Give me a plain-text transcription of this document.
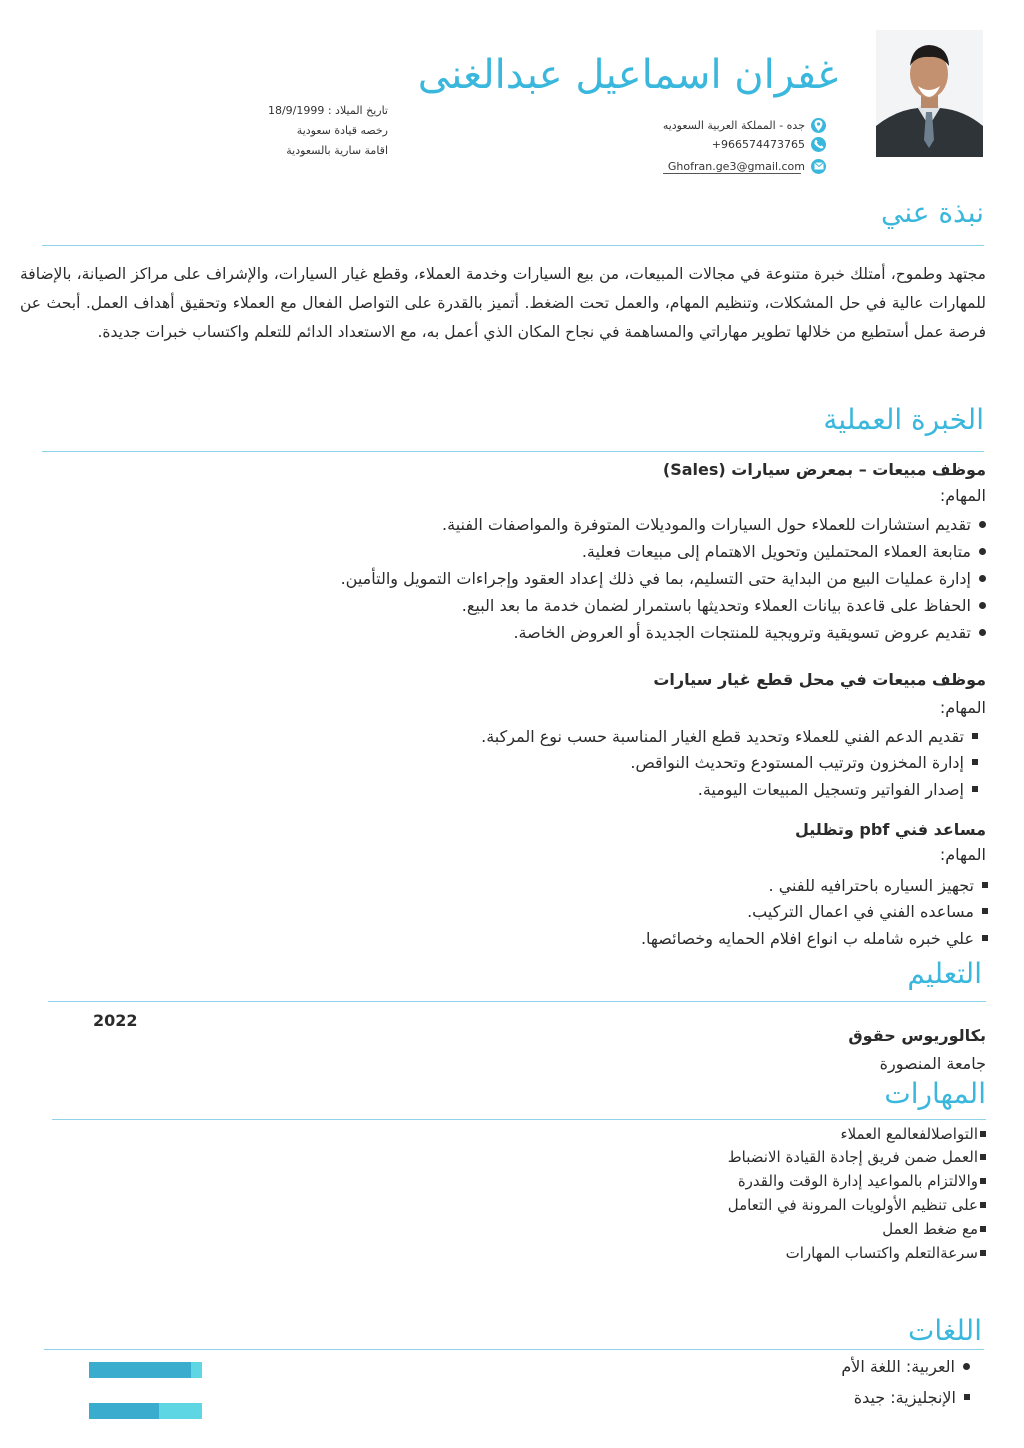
غفران اسماعيل عبدالغنى
جده - المملكة العربية السعوديه
+966574473765
Ghofran.ge3@gmail.com
تاريخ الميلاد : 18/9/1999
رخصه قيادة سعودية
اقامة سارية بالسعودية
نبذة عني
مجتهد وطموح، أمتلك خبرة متنوعة في مجالات المبيعات، من بيع السيارات وخدمة العملاء، وقطع غيار السيارات، والإشراف على مراكز الصيانة، بالإضافة للمهارات عالية في حل المشكلات، وتنظيم المهام، والعمل تحت الضغط. أتميز بالقدرة على التواصل الفعال مع العملاء وتحقيق أهداف العمل. أبحث عن فرصة عمل أستطيع من خلالها تطوير مهاراتي والمساهمة في نجاح المكان الذي أعمل به، مع الاستعداد الدائم للتعلم واكتساب خبرات جديدة.
الخبرة العملية
موظف مبيعات – بمعرض سيارات (Sales)
المهام:
تقديم استشارات للعملاء حول السيارات والموديلات المتوفرة والمواصفات الفنية.
متابعة العملاء المحتملين وتحويل الاهتمام إلى مبيعات فعلية.
إدارة عمليات البيع من البداية حتى التسليم، بما في ذلك إعداد العقود وإجراءات التمويل والتأمين.
الحفاظ على قاعدة بيانات العملاء وتحديثها باستمرار لضمان خدمة ما بعد البيع.
تقديم عروض تسويقية وترويجية للمنتجات الجديدة أو العروض الخاصة.
موظف مبيعات في محل قطع غيار سيارات
المهام:
تقديم الدعم الفني للعملاء وتحديد قطع الغيار المناسبة حسب نوع المركبة.
إدارة المخزون وترتيب المستودع وتحديث النواقص.
إصدار الفواتير وتسجيل المبيعات اليومية.
مساعد فني pbf وتظليل
المهام:
تجهيز السياره باحترافيه للفني .
مساعده الفني في اعمال التركيب.
علي خبره شامله ب انواع افلام الحمايه وخصائصها.
التعليم
2022
بكالوريوس حقوق
جامعة المنصورة
المهارات
التواصلالفعالمع العملاء
العمل ضمن فريق إجادة القيادة الانضباط
والالتزام بالمواعيد إدارة الوقت والقدرة
على تنظيم الأولويات المرونة في التعامل
مع ضغط العمل
سرعةالتعلم واكتساب المهارات
اللغات
العربية: اللغة الأم
الإنجليزية: جيدة
